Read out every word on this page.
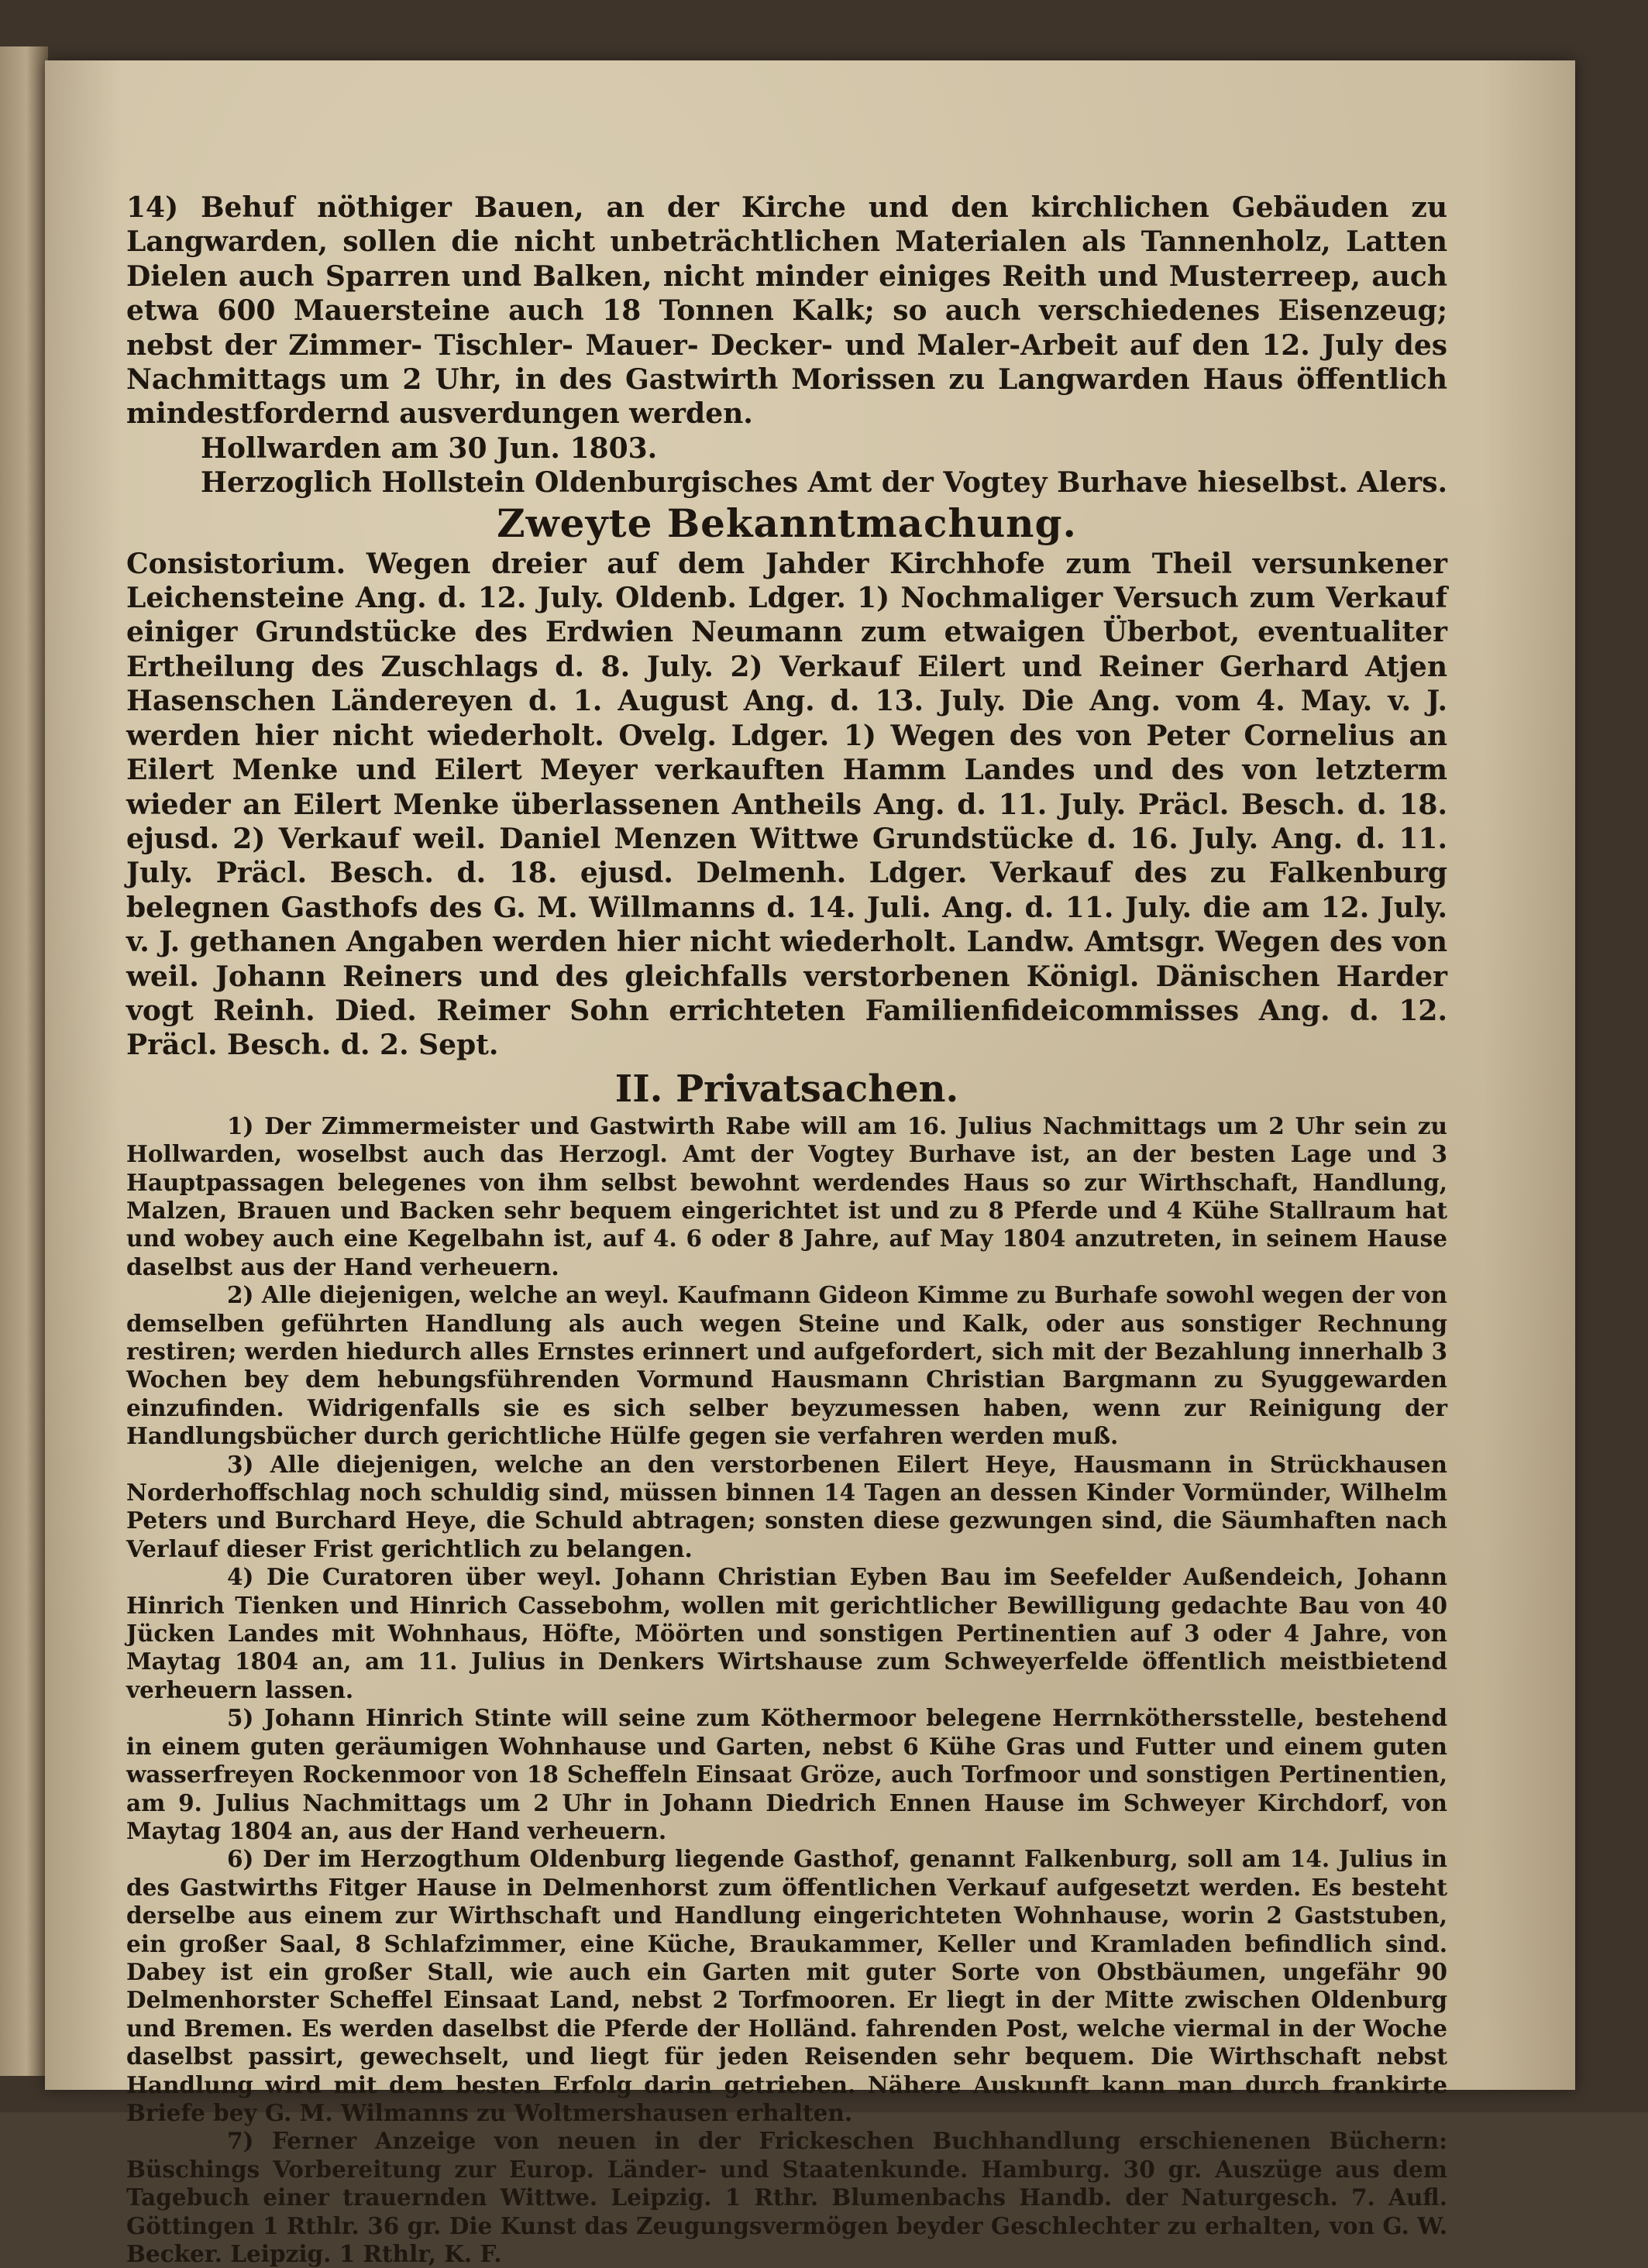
14) Behuf nöthiger Bauen, an der Kirche und den kirchlichen Gebäuden zu Langwarden, sollen die nicht unbeträchtlichen Materialen als Tannenholz, Latten Dielen auch Sparren und Balken, nicht minder einiges Reith und Musterreep, auch etwa 600 Mauersteine auch 18 Tonnen Kalk; so auch verschiedenes Eisenzeug; nebst der Zimmer- Tischler- Mauer- Decker- und Maler-Arbeit auf den 12. July des Nachmittags um 2 Uhr, in des Gastwirth Morissen zu Langwarden Haus öffentlich mindestfordernd ausverdungen werden.

Hollwarden am 30 Jun. 1803.

Herzoglich Hollstein Oldenburgisches Amt der Vogtey Burhave hieselbst. Alers.
Zweyte Bekanntmachung.

Consistorium. Wegen dreier auf dem Jahder Kirchhofe zum Theil versunkener Leichensteine Ang. d. 12. July. Oldenb. Ldger. 1) Nochmaliger Versuch zum Verkauf einiger Grundstücke des Erdwien Neumann zum etwaigen Überbot, eventualiter Ertheilung des Zuschlags d. 8. July. 2) Verkauf Eilert und Reiner Gerhard Atjen Hasenschen Ländereyen d. 1. August Ang. d. 13. July. Die Ang. vom 4. May. v. J. werden hier nicht wiederholt. Ovelg. Ldger. 1) Wegen des von Peter Cornelius an Eilert Menke und Eilert Meyer verkauften Hamm Landes und des von letzterm wieder an Eilert Menke überlassenen Antheils Ang. d. 11. July. Präcl. Besch. d. 18. ejusd. 2) Verkauf weil. Daniel Menzen Wittwe Grundstücke d. 16. July. Ang. d. 11. July. Präcl. Besch. d. 18. ejusd. Delmenh. Ldger. Verkauf des zu Falkenburg belegnen Gasthofs des G. M. Willmanns d. 14. Juli. Ang. d. 11. July. die am 12. July. v. J. gethanen Angaben werden hier nicht wiederholt. Landw. Amtsgr. Wegen des von weil. Johann Reiners und des gleichfalls verstorbenen Königl. Dänischen Harder vogt Reinh. Died. Reimer Sohn errichteten Familienfideicommisses Ang. d. 12. Präcl. Besch. d. 2. Sept.

II. Privatsachen.

1) Der Zimmermeister und Gastwirth Rabe will am 16. Julius Nachmittags um 2 Uhr sein zu Hollwarden, woselbst auch das Herzogl. Amt der Vogtey Burhave ist, an der besten Lage und 3 Hauptpassagen belegenes von ihm selbst bewohnt werdendes Haus so zur Wirthschaft, Handlung, Malzen, Brauen und Backen sehr bequem eingerichtet ist und zu 8 Pferde und 4 Kühe Stallraum hat und wobey auch eine Kegelbahn ist, auf 4. 6 oder 8 Jahre, auf May 1804 anzutreten, in seinem Hause daselbst aus der Hand verheuern.

2) Alle diejenigen, welche an weyl. Kaufmann Gideon Kimme zu Burhafe sowohl wegen der von demselben geführten Handlung als auch wegen Steine und Kalk, oder aus sonstiger Rechnung restiren; werden hiedurch alles Ernstes erinnert und aufgefordert, sich mit der Bezahlung innerhalb 3 Wochen bey dem hebungsführenden Vormund Hausmann Christian Bargmann zu Syuggewarden einzufinden. Widrigenfalls sie es sich selber beyzumessen haben, wenn zur Reinigung der Handlungsbücher durch gerichtliche Hülfe gegen sie verfahren werden muß.

3) Alle diejenigen, welche an den verstorbenen Eilert Heye, Hausmann in Strückhausen Norderhoffschlag noch schuldig sind, müssen binnen 14 Tagen an dessen Kinder Vormünder, Wilhelm Peters und Burchard Heye, die Schuld abtragen; sonsten diese gezwungen sind, die Säumhaften nach Verlauf dieser Frist gerichtlich zu belangen.

4) Die Curatoren über weyl. Johann Christian Eyben Bau im Seefelder Außendeich, Johann Hinrich Tienken und Hinrich Cassebohm, wollen mit gerichtlicher Bewilligung gedachte Bau von 40 Jücken Landes mit Wohnhaus, Höfte, Möörten und sonstigen Pertinentien auf 3 oder 4 Jahre, von Maytag 1804 an, am 11. Julius in Denkers Wirtshause zum Schweyerfelde öffentlich meistbietend verheuern lassen.

5) Johann Hinrich Stinte will seine zum Köthermoor belegene Herrnköthersstelle, bestehend in einem guten geräumigen Wohnhause und Garten, nebst 6 Kühe Gras und Futter und einem guten wasserfreyen Rockenmoor von 18 Scheffeln Einsaat Gröze, auch Torfmoor und sonstigen Pertinentien, am 9. Julius Nachmittags um 2 Uhr in Johann Diedrich Ennen Hause im Schweyer Kirchdorf, von Maytag 1804 an, aus der Hand verheuern.

6) Der im Herzogthum Oldenburg liegende Gasthof, genannt Falkenburg, soll am 14. Julius in des Gastwirths Fitger Hause in Delmenhorst zum öffentlichen Verkauf aufgesetzt werden. Es besteht derselbe aus einem zur Wirthschaft und Handlung eingerichteten Wohnhause, worin 2 Gaststuben, ein großer Saal, 8 Schlafzimmer, eine Küche, Braukammer, Keller und Kramladen befindlich sind. Dabey ist ein großer Stall, wie auch ein Garten mit guter Sorte von Obstbäumen, ungefähr 90 Delmenhorster Scheffel Einsaat Land, nebst 2 Torfmooren. Er liegt in der Mitte zwischen Oldenburg und Bremen. Es werden daselbst die Pferde der Holländ. fahrenden Post, welche viermal in der Woche daselbst passirt, gewechselt, und liegt für jeden Reisenden sehr bequem. Die Wirthschaft nebst Handlung wird mit dem besten Erfolg darin getrieben. Nähere Auskunft kann man durch frankirte Briefe bey G. M. Wilmanns zu Woltmershausen erhalten.

7) Ferner Anzeige von neuen in der Frickeschen Buchhandlung erschienenen Büchern: Büschings Vorbereitung zur Europ. Länder- und Staatenkunde. Hamburg. 30 gr. Auszüge aus dem Tagebuch einer trauernden Wittwe. Leipzig. 1 Rthr. Blumenbachs Handb. der Naturgesch. 7. Aufl. Göttingen 1 Rthlr. 36 gr. Die Kunst das Zeugungsvermögen beyder Geschlechter zu erhalten, von G. W. Becker. Leipzig. 1 Rthlr, K. F.
